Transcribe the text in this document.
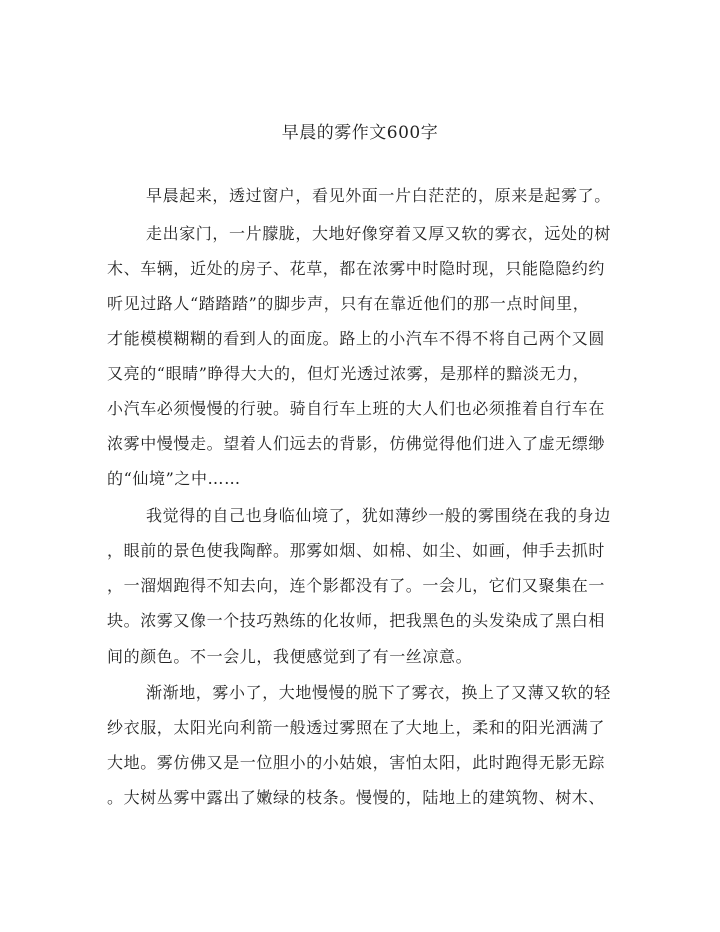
早晨的雾作文600字
早晨起来，透过窗户，看见外面一片白茫茫的，原来是起雾了。
走出家门，一片朦胧，大地好像穿着又厚又软的雾衣，远处的树
木、车辆，近处的房子、花草，都在浓雾中时隐时现，只能隐隐约约
听见过路人“踏踏踏”的脚步声，只有在靠近他们的那一点时间里，
才能模模糊糊的看到人的面庞。路上的小汽车不得不将自己两个又圆
又亮的“眼睛”睁得大大的，但灯光透过浓雾，是那样的黯淡无力，
小汽车必须慢慢的行驶。骑自行车上班的大人们也必须推着自行车在
浓雾中慢慢走。望着人们远去的背影，仿佛觉得他们进入了虚无缥缈
的“仙境”之中……
我觉得的自己也身临仙境了，犹如薄纱一般的雾围绕在我的身边
，眼前的景色使我陶醉。那雾如烟、如棉、如尘、如画，伸手去抓时
，一溜烟跑得不知去向，连个影都没有了。一会儿，它们又聚集在一
块。浓雾又像一个技巧熟练的化妆师，把我黑色的头发染成了黑白相
间的颜色。不一会儿，我便感觉到了有一丝凉意。
渐渐地，雾小了，大地慢慢的脱下了雾衣，换上了又薄又软的轻
纱衣服，太阳光向利箭一般透过雾照在了大地上，柔和的阳光洒满了
大地。雾仿佛又是一位胆小的小姑娘，害怕太阳，此时跑得无影无踪
。大树丛雾中露出了嫩绿的枝条。慢慢的，陆地上的建筑物、树木、
